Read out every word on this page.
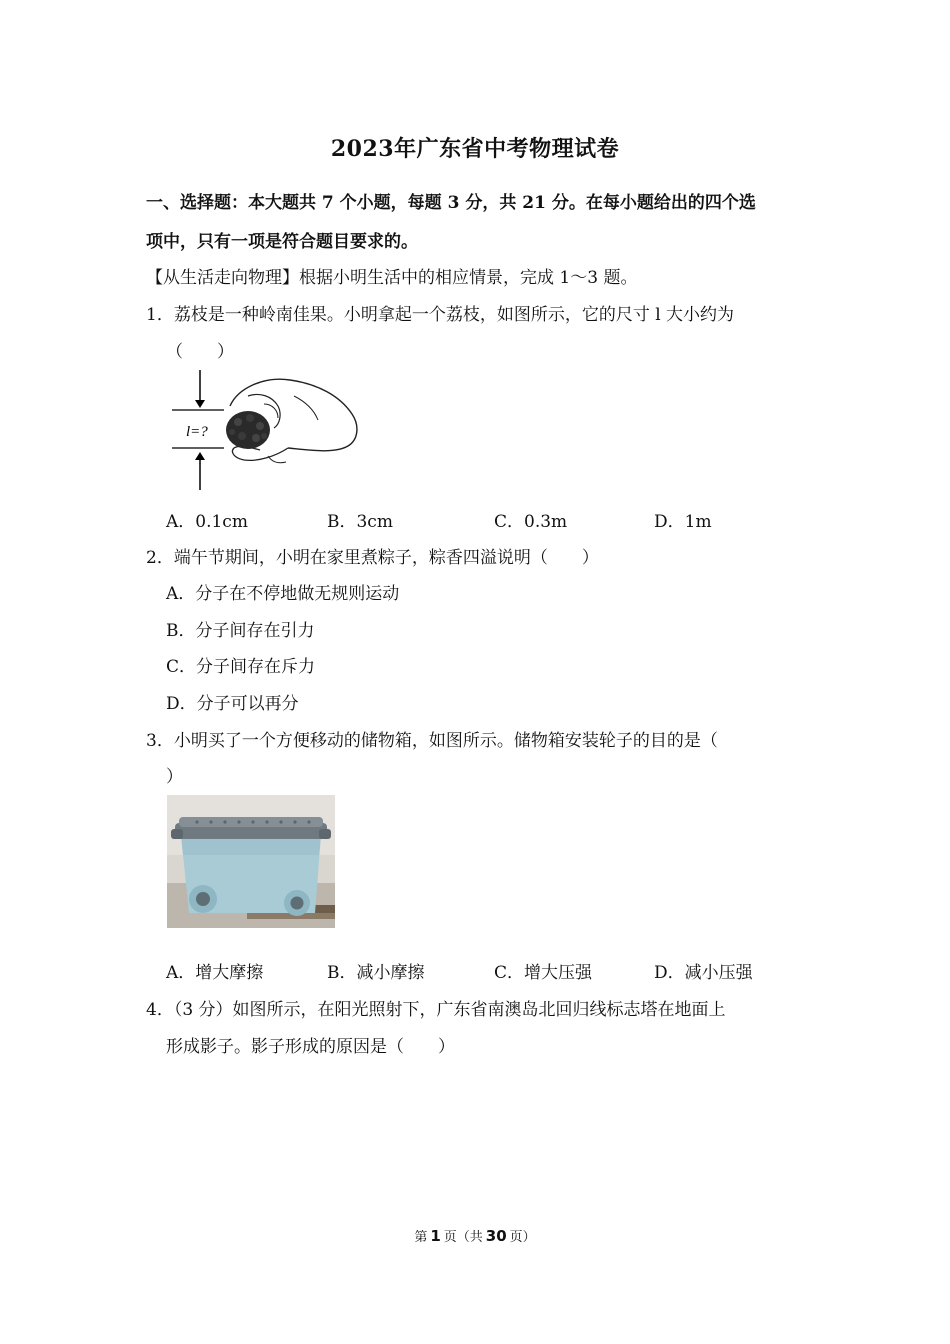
2023年广东省中考物理试卷
一、选择题：本大题共 7 个小题，每题 3 分，共 21 分。在每小题给出的四个选
项中，只有一项是符合题目要求的。
【从生活走向物理】根据小明生活中的相应情景，完成 1～3 题。
1．荔枝是一种岭南佳果。小明拿起一个荔枝，如图所示，它的尺寸 l 大小约为
（　　）
l=?
A．0.1cm	B．3cm	C．0.3m	D．1m
2．端午节期间，小明在家里煮粽子，粽香四溢说明（　　）
A．分子在不停地做无规则运动
B．分子间存在引力
C．分子间存在斥力
D．分子可以再分
3．小明买了一个方便移动的储物箱，如图所示。储物箱安装轮子的目的是（
）
A．增大摩擦	B．减小摩擦	C．增大压强	D．减小压强
4．（3 分）如图所示，在阳光照射下，广东省南澳岛北回归线标志塔在地面上
形成影子。影子形成的原因是（　　）
第 1 页（共 30 页）
